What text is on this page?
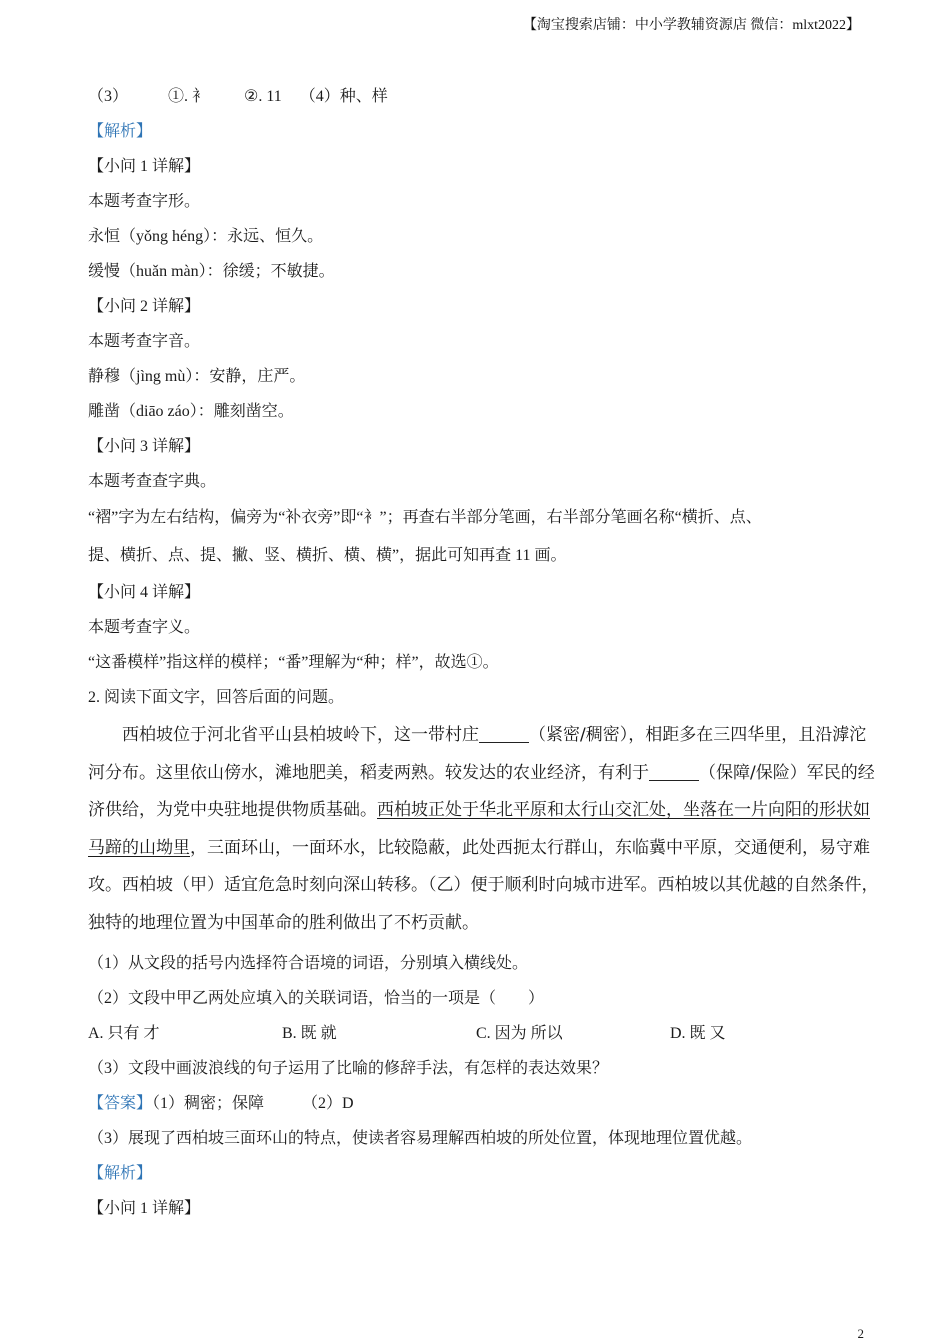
【淘宝搜索店铺：中小学教辅资源店 微信：mlxt2022】
（3）	①. 衤 ②. 11 （4）种、样
【解析】
【小问 1 详解】
本题考查字形。
永恒（yǒng héng）：永远、恒久。
缓慢（huǎn màn）：徐缓；不敏捷。
【小问 2 详解】
本题考查字音。
静穆（jìng mù）：安静，庄严。
雕凿（diāo záo）：雕刻凿空。
【小问 3 详解】
本题考查查字典。
“褶”字为左右结构，偏旁为“补衣旁”即“衤”；再查右半部分笔画，右半部分笔画名称“横折、点、
提、横折、点、提、撇、竖、横折、横、横”，据此可知再查 11 画。
【小问 4 详解】
本题考查字义。
“这番模样”指这样的模样；“番”理解为“种；样”，故选①。
2. 阅读下面文字，回答后面的问题。
西柏坡位于河北省平山县柏坡岭下，这一带村庄	（紧密/稠密），相距多在三四华里，且沿滹沱
河分布。这里依山傍水，滩地肥美，稻麦两熟。较发达的农业经济，有利于	（保障/保险）军民的经
济供给，为党中央驻地提供物质基础。西柏坡正处于华北平原和太行山交汇处，坐落在一片向阳的形状如
马蹄的山坳里，三面环山，一面环水，比较隐蔽，此处西扼太行群山，东临冀中平原，交通便利，易守难
攻。西柏坡（甲）适宜危急时刻向深山转移。（乙）便于顺利时向城市进军。西柏坡以其优越的自然条件，
独特的地理位置为中国革命的胜利做出了不朽贡献。
（1）从文段的括号内选择符合语境的词语，分别填入横线处。
（2）文段中甲乙两处应填入的关联词语，恰当的一项是（　　）
A. 只有 才	B. 既 就	C. 因为 所以	D. 既 又
（3）文段中画波浪线的句子运用了比喻的修辞手法，有怎样的表达效果？
【答案】（1）稠密；保障 （2）D
（3）展现了西柏坡三面环山的特点，使读者容易理解西柏坡的所处位置，体现地理位置优越。
【解析】
【小问 1 详解】
2
